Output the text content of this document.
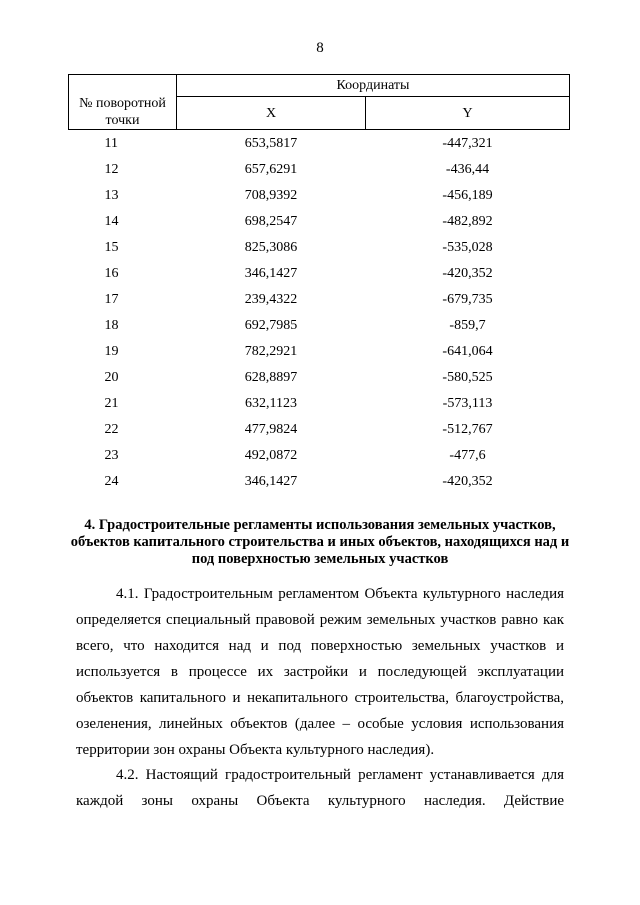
8
№ поворотной точки	Координаты	
	X	Y
11	653,5817	-447,321
12	657,6291	-436,44
13	708,9392	-456,189
14	698,2547	-482,892
15	825,3086	-535,028
16	346,1427	-420,352
17	239,4322	-679,735
18	692,7985	-859,7
19	782,2921	-641,064
20	628,8897	-580,525
21	632,1123	-573,113
22	477,9824	-512,767
23	492,0872	-477,6
24	346,1427	-420,352
4. Градостроительные регламенты использования земельных участков, объектов капитального строительства и иных объектов, находящихся над и под поверхностью земельных участков

4.1. Градостроительным регламентом Объекта культурного наследия определяется специальный правовой режим земельных участков равно как всего, что находится над и под поверхностью земельных участков и используется в процессе их застройки и последующей эксплуатации объектов капитального и некапитального строительства, благоустройства, озеленения, линейных объектов (далее – особые условия использования территории зон охраны Объекта культурного наследия).

4.2. Настоящий градостроительный регламент устанавливается для каждой зоны охраны Объекта культурного наследия. Действие
